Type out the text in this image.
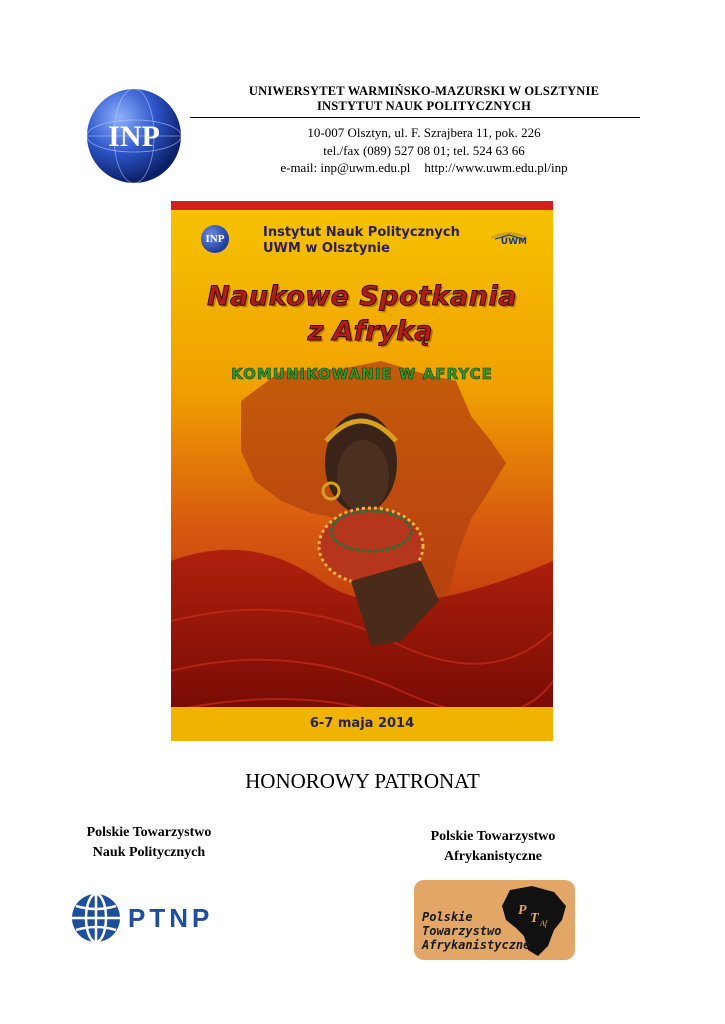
INP
UNIWERSYTET WARMIŃSKO-MAZURSKI W OLSZTYNIE
INSTYTUT NAUK POLITYCZNYCH
10-007 Olsztyn, ul. F. Szrajbera 11, pok. 226
tel./fax (089) 527 08 01; tel. 524 63 66
e-mail: inp@uwm.edu.pl http://www.uwm.edu.pl/inp
INP	Instytut Nauk Politycznych
UWM w Olsztynie	UWM
Naukowe Spotkania
z Afryką
KOMUNIKOWANIE W AFRYCE
6-7 maja 2014
HONOROWY PATRONAT
Polskie Towarzystwo
Nauk Politycznych
PTNP
Polskie Towarzystwo
Afrykanistyczne
P
T Af
Polskie
Towarzystwo
Afrykanistyczne
